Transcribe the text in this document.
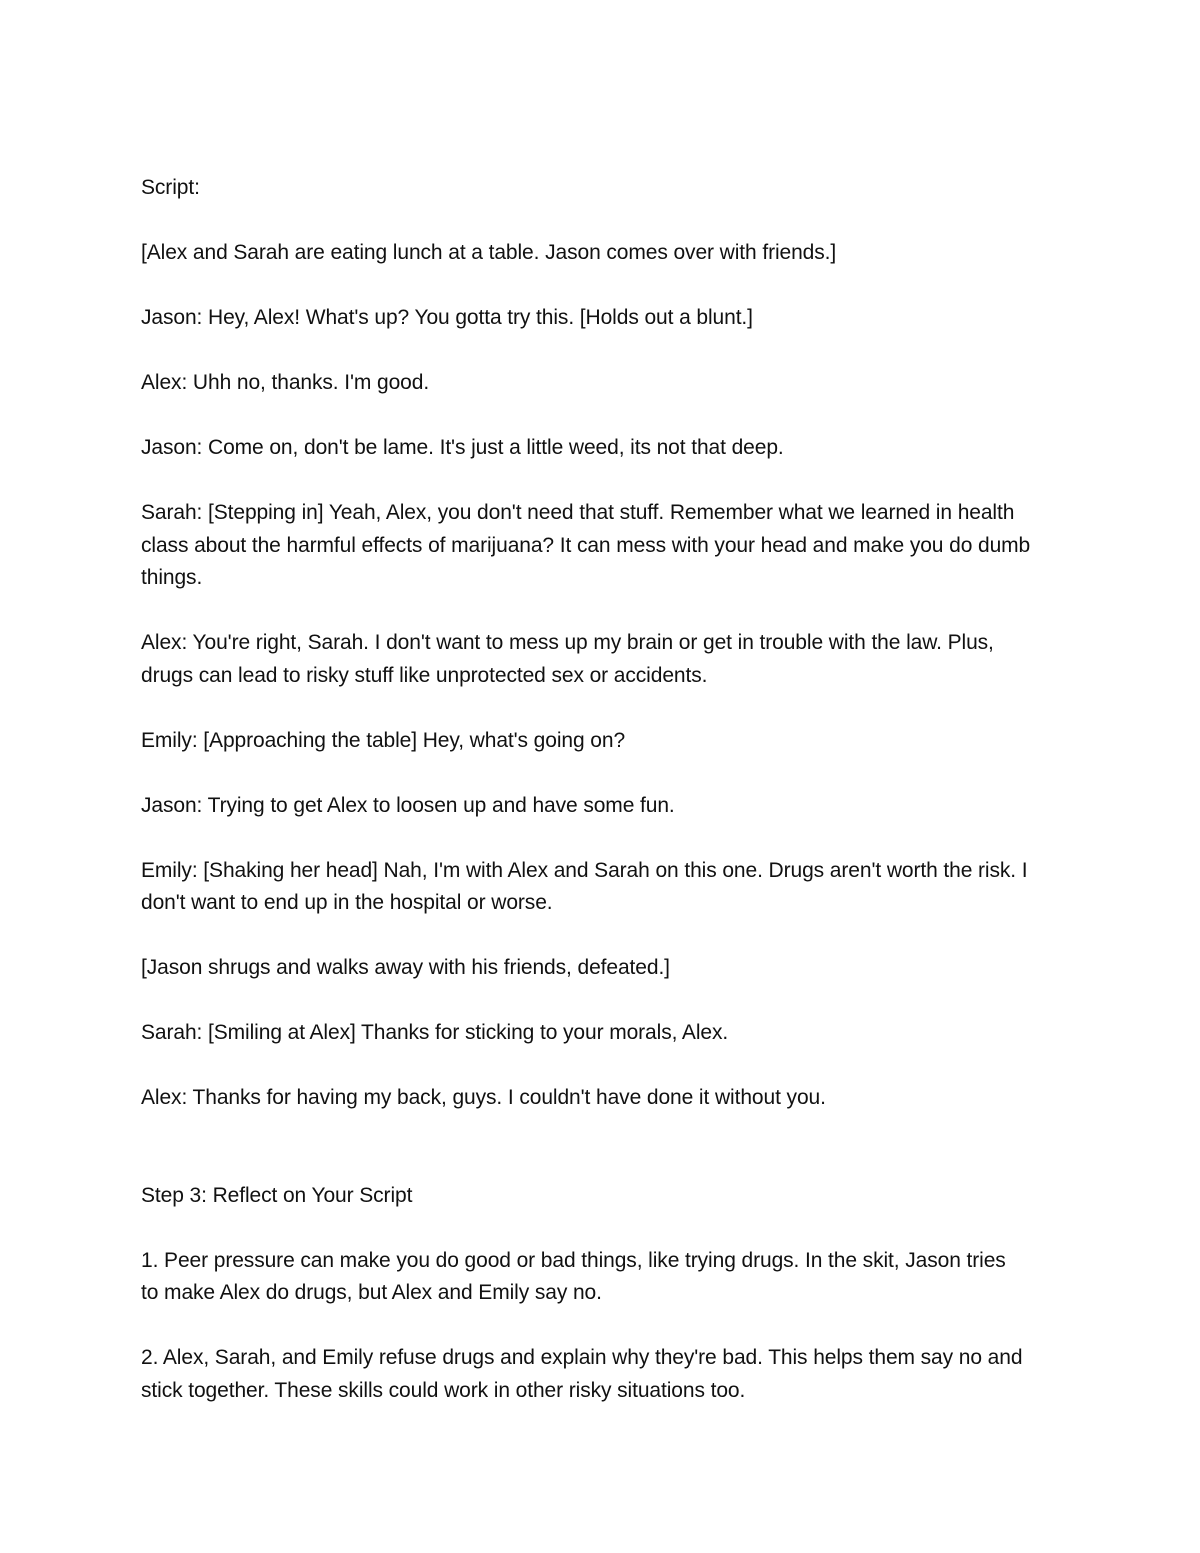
Script:

[Alex and Sarah are eating lunch at a table. Jason comes over with friends.]

Jason: Hey, Alex! What's up? You gotta try this. [Holds out a blunt.]

Alex: Uhh no, thanks. I'm good.

Jason: Come on, don't be lame. It's just a little weed, its not that deep.

Sarah: [Stepping in] Yeah, Alex, you don't need that stuff. Remember what we learned in health class about the harmful effects of marijuana? It can mess with your head and make you do dumb things.

Alex: You're right, Sarah. I don't want to mess up my brain or get in trouble with the law. Plus, drugs can lead to risky stuff like unprotected sex or accidents.

Emily: [Approaching the table] Hey, what's going on?

Jason: Trying to get Alex to loosen up and have some fun.

Emily: [Shaking her head] Nah, I'm with Alex and Sarah on this one. Drugs aren't worth the risk. I don't want to end up in the hospital or worse.

[Jason shrugs and walks away with his friends, defeated.]

Sarah: [Smiling at Alex] Thanks for sticking to your morals, Alex.

Alex: Thanks for having my back, guys. I couldn't have done it without you.

Step 3: Reflect on Your Script

1. Peer pressure can make you do good or bad things, like trying drugs. In the skit, Jason tries to make Alex do drugs, but Alex and Emily say no.

2. Alex, Sarah, and Emily refuse drugs and explain why they're bad. This helps them say no and stick together. These skills could work in other risky situations too.
